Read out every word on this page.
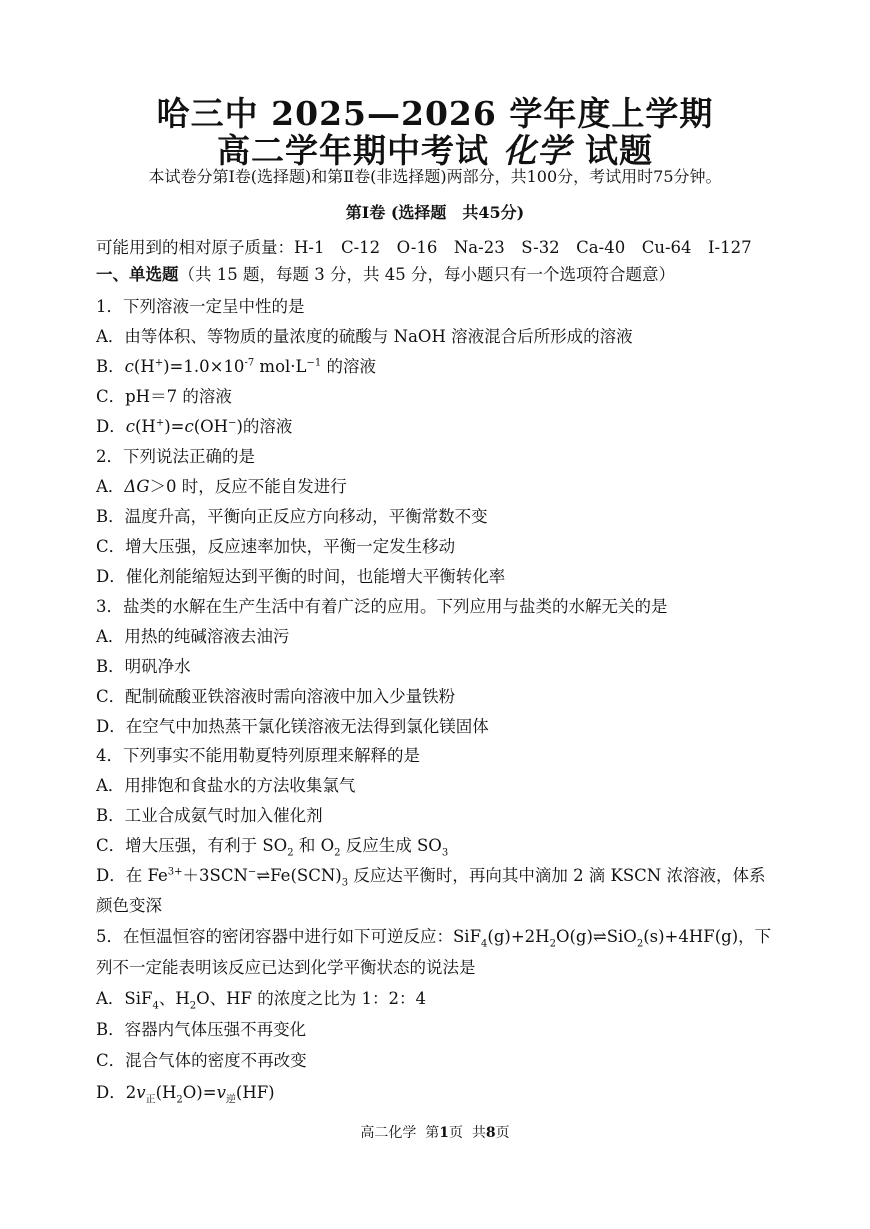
哈三中 2025—2026 学年度上学期
高二学年期中考试 化学 试题
本试卷分第Ⅰ卷(选择题)和第Ⅱ卷(非选择题)两部分，共100分，考试用时75分钟。
第Ⅰ卷 (选择题　共45分)
可能用到的相对原子质量：H-1　C-12　O-16　Na-23　S-32　Ca-40　Cu-64　I-127
一、单选题（共 15 题，每题 3 分，共 45 分，每小题只有一个选项符合题意）
1．下列溶液一定呈中性的是
A．由等体积、等物质的量浓度的硫酸与 NaOH 溶液混合后所形成的溶液
B．$c(H^+)=1.0\times 10^{-7}$ $mol\cdot L^{-1}$ 的溶液
C．pH＝7 的溶液
D．c(H+)=c(OH−)的溶液
2．下列说法正确的是
A．ΔG＞0 时，反应不能自发进行
B．温度升高，平衡向正反应方向移动，平衡常数不变
C．增大压强，反应速率加快，平衡一定发生移动
D．催化剂能缩短达到平衡的时间，也能增大平衡转化率
3．盐类的水解在生产生活中有着广泛的应用。下列应用与盐类的水解无关的是
A．用热的纯碱溶液去油污
B．明矾净水
C．配制硫酸亚铁溶液时需向溶液中加入少量铁粉
D．在空气中加热蒸干氯化镁溶液无法得到氯化镁固体
4．下列事实不能用勒夏特列原理来解释的是
A．用排饱和食盐水的方法收集氯气
B．工业合成氨气时加入催化剂
C．增大压强，有利于 $SO_2$ 和 $O_2$ 反应生成 $SO_3$
D．在 $Fe^{3+}+3SCN^-\rightleftharpoons Fe(SCN)_3$ 反应达平衡时，再向其中滴加 2 滴 KSCN 浓溶液，体系
颜色变深
5．在恒温恒容的密闭容器中进行如下可逆反应：$SiF_4(g)+2H_2O(g)\rightleftharpoons SiO_2(s)+4HF(g)$，下
列不一定能表明该反应已达到化学平衡状态的说法是
A．SiF$_4$、$H_2O$、HF 的浓度之比为 1：2：4
B．容器内气体压强不再变化
C．混合气体的密度不再改变
D．$2v_正(H_2O)=v_逆(HF)$
高二化学 第1页 共8页
